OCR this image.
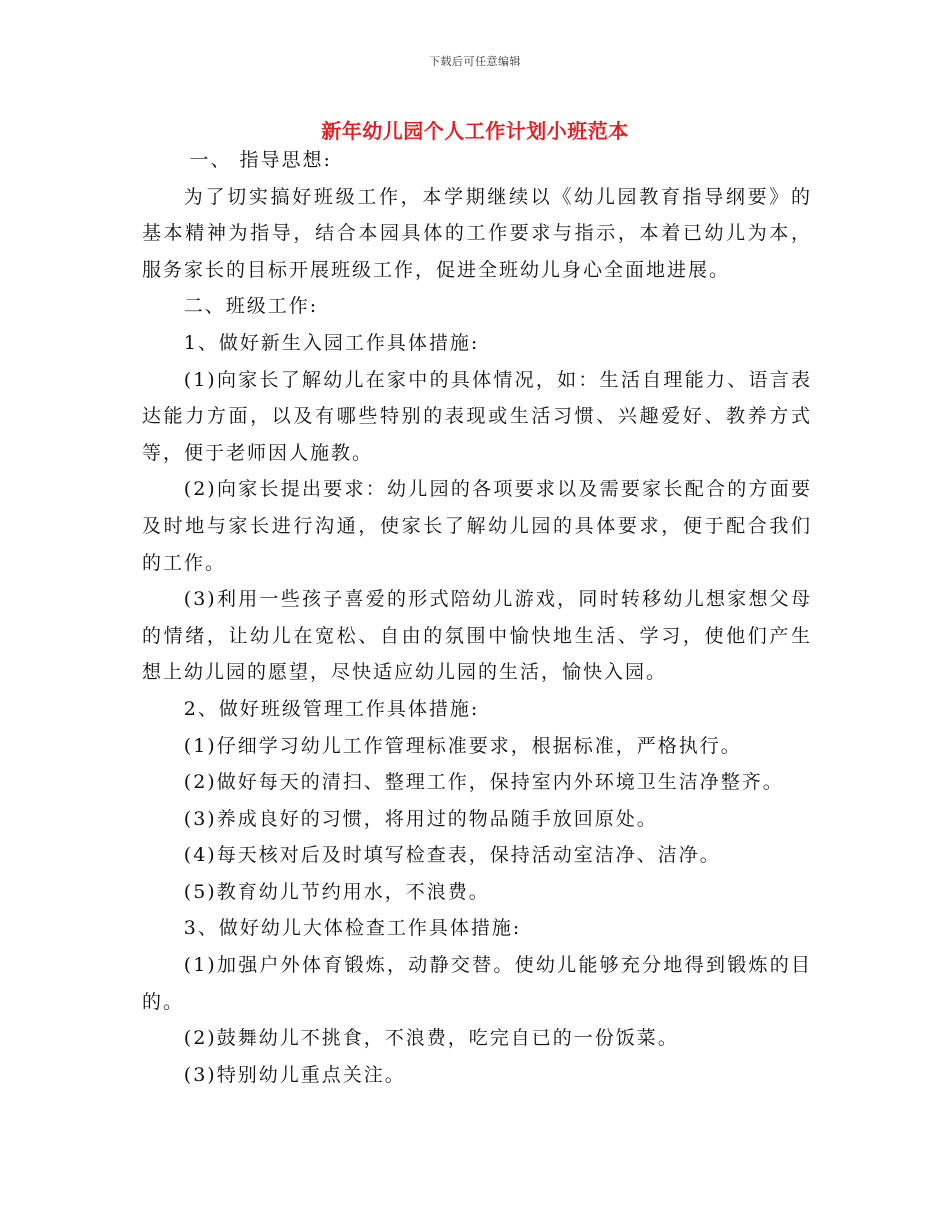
下载后可任意编辑
新年幼儿园个人工作计划小班范本

一、 指导思想:

为了切实搞好班级工作，本学期继续以《幼儿园教育指导纲要》的基本精神为指导，结合本园具体的工作要求与指示，本着已幼儿为本，服务家长的目标开展班级工作，促进全班幼儿身心全面地进展。

二、班级工作:

1、做好新生入园工作具体措施:

(1)向家长了解幼儿在家中的具体情况，如：生活自理能力、语言表达能力方面，以及有哪些特别的表现或生活习惯、兴趣爱好、教养方式等，便于老师因人施教。

(2)向家长提出要求：幼儿园的各项要求以及需要家长配合的方面要及时地与家长进行沟通，使家长了解幼儿园的具体要求，便于配合我们的工作。

(3)利用一些孩子喜爱的形式陪幼儿游戏，同时转移幼儿想家想父母的情绪，让幼儿在宽松、自由的氛围中愉快地生活、学习，使他们产生想上幼儿园的愿望，尽快适应幼儿园的生活，愉快入园。

2、做好班级管理工作具体措施:

(1)仔细学习幼儿工作管理标准要求，根据标准，严格执行。

(2)做好每天的清扫、整理工作，保持室内外环境卫生洁净整齐。

(3)养成良好的习惯，将用过的物品随手放回原处。

(4)每天核对后及时填写检查表，保持活动室洁净、洁净。

(5)教育幼儿节约用水，不浪费。

3、做好幼儿大体检查工作具体措施:

(1)加强户外体育锻炼，动静交替。使幼儿能够充分地得到锻炼的目的。

(2)鼓舞幼儿不挑食，不浪费，吃完自已的一份饭菜。

(3)特别幼儿重点关注。
